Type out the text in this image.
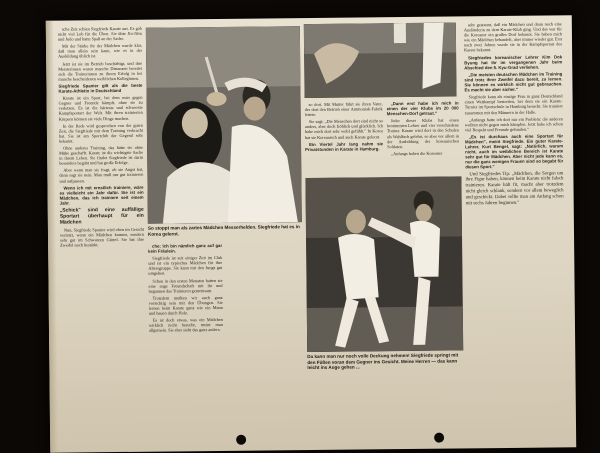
sche Zeit schien Siegfrieds Karate aus. Es gab nicht viel Lob für die Üben. Sie übte Jiu-Jitsu und Judo und hatte Spaß an der Sache.

Mit der Stärke ihr der Mädchen wurde klar, daß man allein sein kann, wie es in der Ausbildung üblich ist.

Jetzt ist sie im Betrieb beschäftigt, und ihre Meisterinnen waren manche Distanzen bereitet sich die Trainerinnen zu ihrem Erfolg in bei manche bescheidenen weiblichen Kolleginnen.

Siegfriede Spanier gilt als die beste Karate-Athletin in Deutschland

Karate ist ein Sport, bei dem man gegen Gegner und Freunde kämpft, ohne sie zu verletzen. Es ist die härteste und schwerste Kampfsportart der Welt. Mit ihren trainierten Körpern können sie viele Dinge machen.

In der Rede wird gesprochen von der guten Zeit, die Siegfriede mit dem Training verbracht hat. Sie ist am Sportclub der Gegend sehr bekannt.

Ohne anderes Training, das hätte sie ohne Mühe geschafft. Karate ist die wichtigste Sache in ihrem Leben. Sie findet Siegfriede ist darin besonders begabt und hat große Erfolge.

Aber wenn man sie fragt, ob sie Angst hat, dann sagt sie nein. Man muß nur gut trainieren und aufpassen.

Wenn ich mit ernstlich trainiere, wäre es vielleicht ein Jahr dafür. Sie ist ein Mädchen, das ich trainiere seit einem Jahr.

„Schick" sind eine auffällige Sportart überhaupt für ein Mädchen

Nun, Siegfriede Spanier wird oben im Gesicht verletzt, wenn ein Mädchen kommt, sondern sehr gut im Schwarzen Gürtel. Sie hat ihre Zweifel noch bestärkt.

So stoppt man als zartes Mädchen Messerhelden. Siegfriede hat es in Korea gelernt.

che: Ich bin nämlich ganz auf gar kein Fräulein.

Siegfriede ist seit einiger Zeit im Club und ist ein typisches Mädchen für ihre Altersgruppe. Sie kann mit den Jungs gut umgehen.

Schon in den ersten Monaten hatten sie eine enge Freundschaft mit ihr und begannen das Trainieren gemeinsam.

Trotzdem mußten wir auch ganz vorsichtig sein mit den Übungen. Sie lernen beim Karate ganz wie ein Mann und hauen durch Holz.

Es ist doch etwas, was ein Mädchen wirklich nicht braucht, meint man allgemein. Sie aber sieht das ganz anders.

so dort. Mit Mutter fährt sie ihren Vater, der dort den Betrieb einer Ammoniak-Fabrik leitete.

Sie sagt: „Die Menschen dort sind nicht so anders, aber doch fröhlich und glücklich. Ich habe mich dort sehr wohl gefühlt." In Korea hat sie Koreanisch und auch Karate gelernt.

Ein Viertel Jahr lang nahm sie Privatstunden in Karate in Hamburg.

„Dann erst habe ich mich in einen der vier Klubs im 20 000 Menschen-Dorf getraut."

Jeder dieser Klubs hat einen bestimmten Lehrer und vier verschiedene Trainer. Karate wird dort in den Schulen als Wahlfach gelehrt, so aber vor allem in der Ausbildung der koreanischen Soldaten.

„Anfangs haben die Koreaner

Da kann man nur noch volle Deckung nehmen! Siegfriede springt mit den Füßen voran dem Gegner ins Gesicht. Meine Herren — das kann leicht ins Auge gehen ...

sehr gestaunt, daß ein Mädchen und dann noch eine Ausländerin zu dem Karate-Klub ging. Und das war für die Koreaner ein großes Dorf bekannt. Sie haben mich wie ein Mädchen behandelt, aber immer wieder gut. Erst nach zwei Jahren wurde sie in der Kampfsportart des Karate bekannt.

Siegfriedes koreanischer Lehrer Kim Dok Byung hat ihr im vergangenen Jahr beim Abschied den 5. Kyu-Grad verliehen.

„Die meisten deutschen Mädchen im Training sind trotz ihrer Zweifel dazu bereit, zu lernen. Sie können es wirklich nicht gut gebrauchen. Es macht sie aber sicher."

Siegfriede kann als einzige Frau in ganz Deutschland einen Wettkampf bestreiten, bei dem sie ein Karate-Turnier im Sportschule in Hamburg besucht. Sie trainiert zusammen mit den Männern in der Halle.

„Anfangs hatte ich dort nur ein Problem: die anderen wollten nicht gegen mich kämpfen. Jetzt habe ich schon viel Respekt und Freunde gefunden."

„Es ist durchaus auch eine Sportart für Mädchen", meint Siegfriede. Ein guter Karate-Lehrer, Kurt Bengel, sagt: „Natürlich, warum nicht, auch im weiblichen Bereich ist Karate sehr gut für Mädchen. Aber nicht jede kann es, nur die ganz wenigen Frauen sind so begabt für diesen Sport."

Und Siegfriedes Tip: „Mädchen, die Sorgen um ihre Figur haben, können beim Karate nicht falsch trainieren. Karate hält fit, macht aber trotzdem nicht gleich schlank, sondern vor allem beweglich und geschickt. Dabei sollte man am Anfang schon mit sechs Jahren beginnen."
